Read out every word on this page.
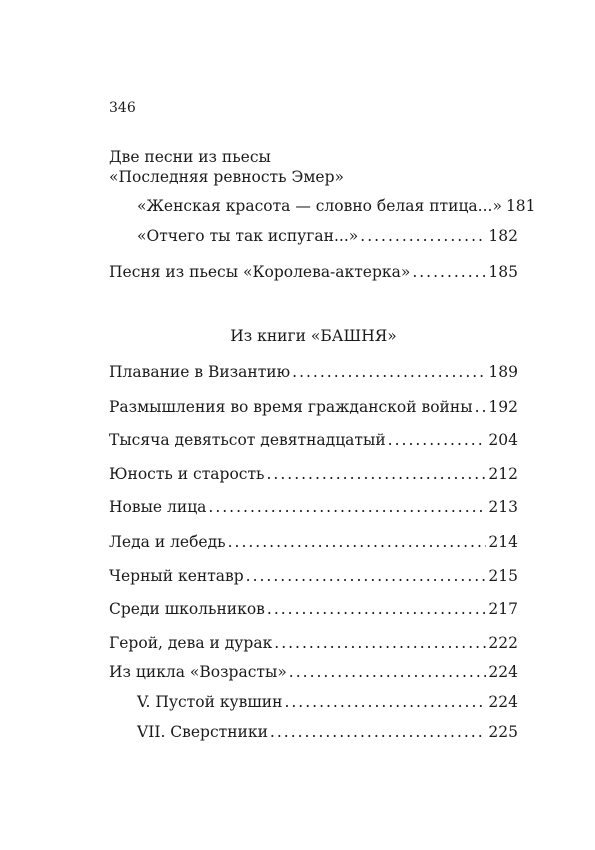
346
Две песни из пьесы
«Последняя ревность Эмер»
«Женская красота — словно белая птица...» 181
«Отчего ты так испуган...» .....	182
Песня из пьесы «Королева-актерка» .....	185
Из книги «БАШНЯ»
Плавание в Византию .....	189
Размышления во время гражданской войны ..... 192
Тысяча девятьсот девятнадцатый .....	204
Юность и старость .....	212
Новые лица .....	213
Леда и лебедь .....	214
Черный кентавр .....	215
Среди школьников .....	217
Герой, дева и дурак .....	222
Из цикла «Возрасты» .....	224
V. Пустой кувшин .....	224
VII. Сверстники .....	225
